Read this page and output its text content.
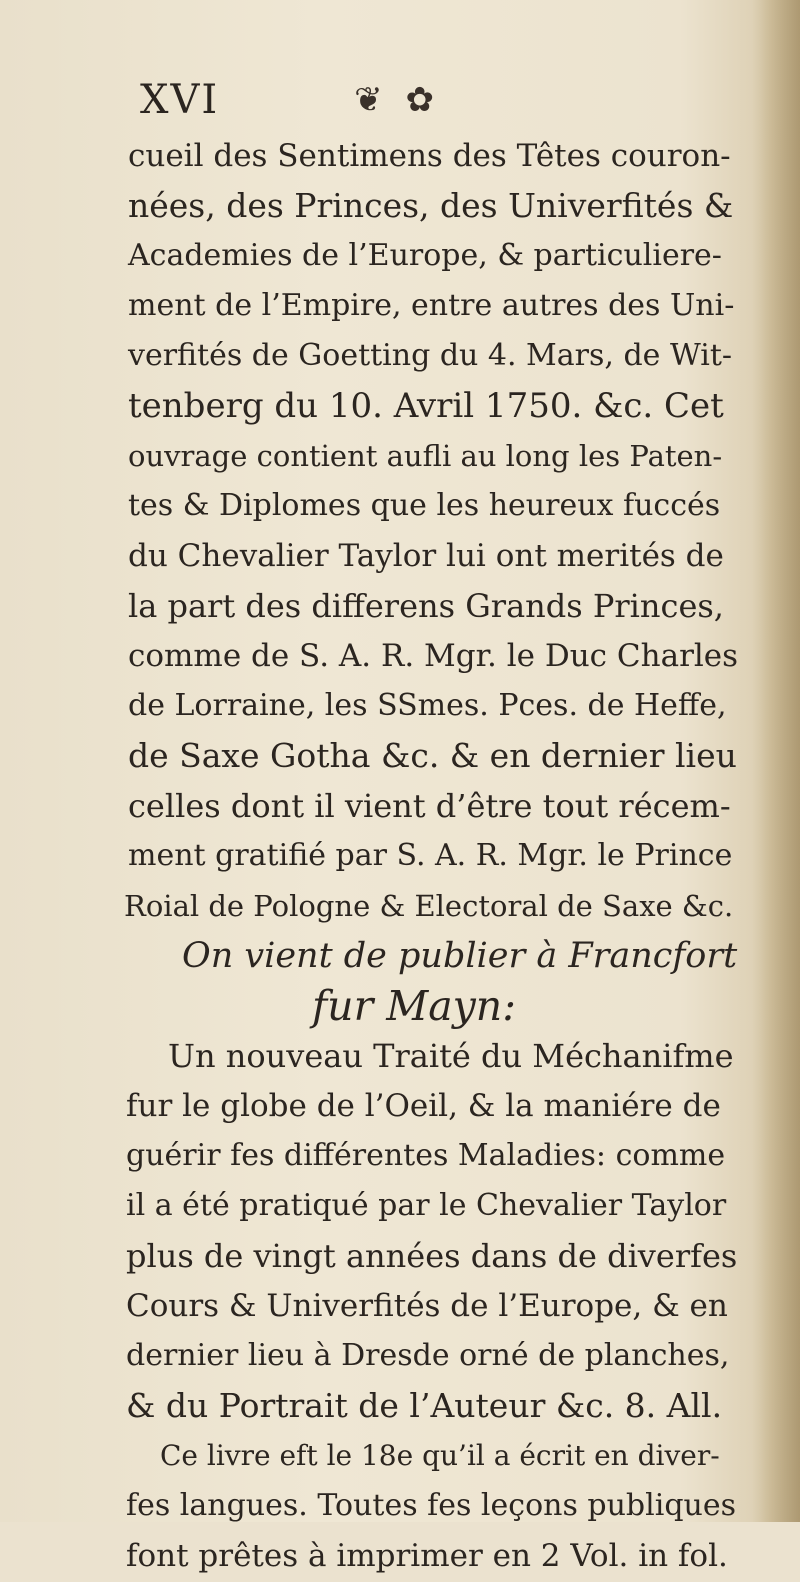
XVI	❦ ✿
cueil des Sentimens des Têtes couron-
nées, des Princes, des Univerfités &
Academies de l’Europe, & particuliere-
ment de l’Empire, entre autres des Uni-
verfités de Goetting du 4. Mars, de Wit-
tenberg du 10. Avril 1750. &c. Cet
ouvrage contient aufli au long les Paten-
tes & Diplomes que les heureux fuccés
du Chevalier Taylor lui ont merités de
la part des differens Grands Princes,
comme de S. A. R. Mgr. le Duc Charles
de Lorraine, les SSmes. Pces. de Heffe,
de Saxe Gotha &c. & en dernier lieu
celles dont il vient d’être tout récem-
ment gratifié par S. A. R. Mgr. le Prince
Roial de Pologne & Electoral de Saxe &c.
On vient de publier à Francfort
fur Mayn:
Un nouveau Traité du Méchanifme
fur le globe de l’Oeil, & la maniére de
guérir fes différentes Maladies: comme
il a été pratiqué par le Chevalier Taylor
plus de vingt années dans de diverfes
Cours & Univerfités de l’Europe, & en
dernier lieu à Dresde orné de planches,
& du Portrait de l’Auteur &c. 8. All.
Ce livre eft le 18e qu’il a écrit en diver-
fes langues. Toutes fes leçons publiques
font prêtes à imprimer en 2 Vol. in fol.
